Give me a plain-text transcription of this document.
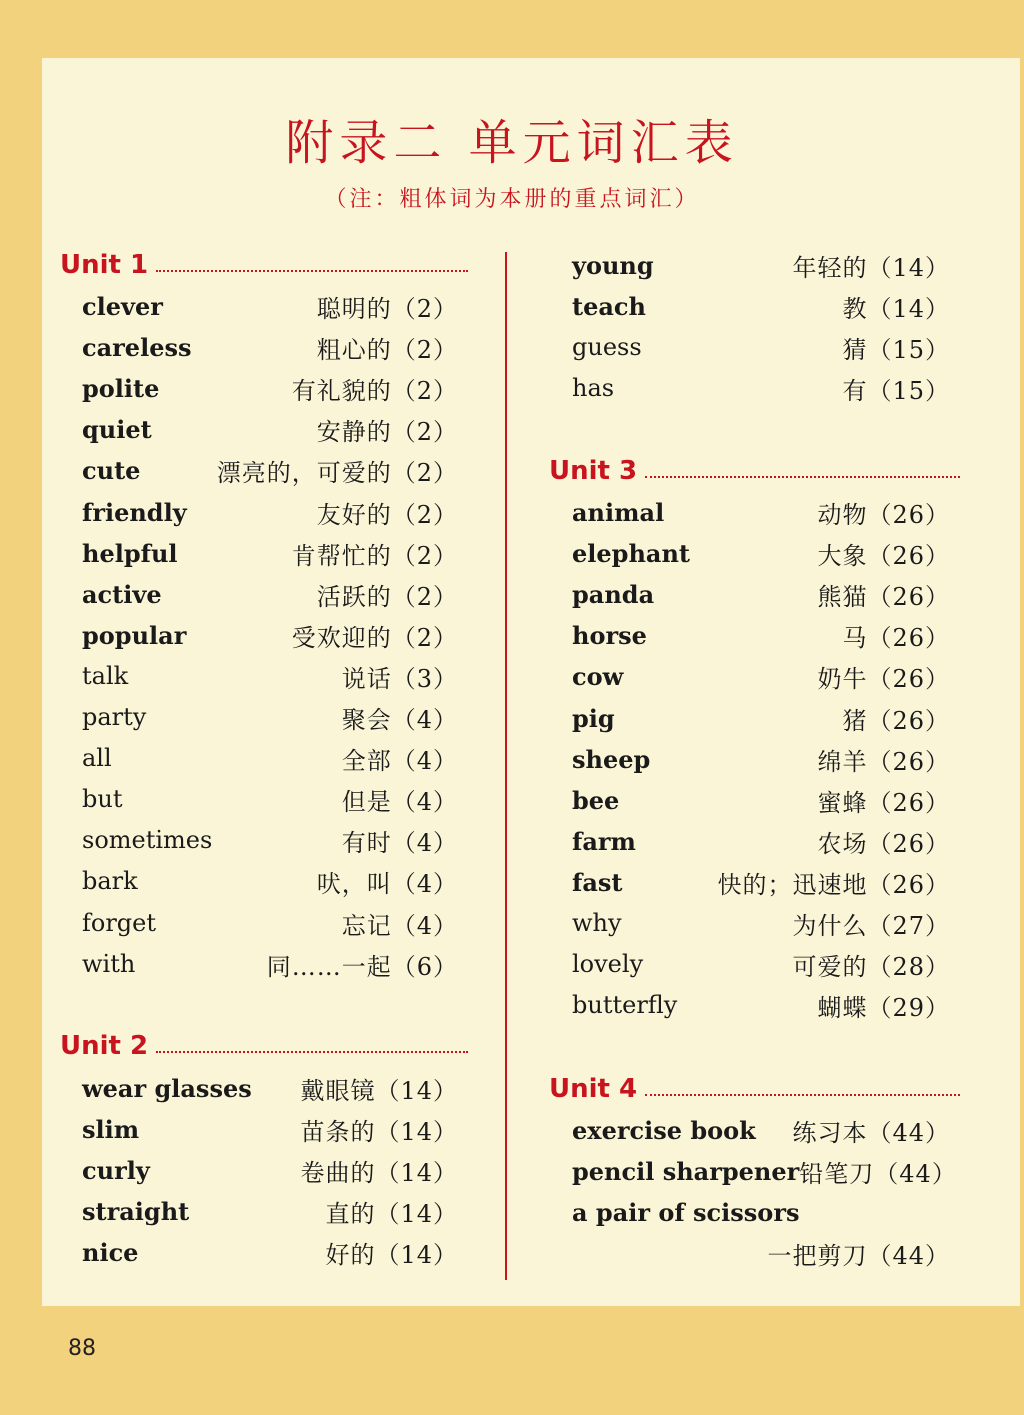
附录二 单元词汇表
（注：粗体词为本册的重点词汇）
Unit 1
clever	聪明的（2）
careless	粗心的（2）
polite	有礼貌的（2）
quiet	安静的（2）
cute	漂亮的，可爱的（2）
friendly	友好的（2）
helpful	肯帮忙的（2）
active	活跃的（2）
popular	受欢迎的（2）
talk	说话（3）
party	聚会（4）
all	全部（4）
but	但是（4）
sometimes	有时（4）
bark	吠，叫（4）
forget	忘记（4）
with	同……一起（6）
Unit 2
wear glasses 戴眼镜（14）
slim	苗条的（14）
curly	卷曲的（14）
straight	直的（14）
nice	好的（14）
young	年轻的（14）
teach	教（14）
guess	猜（15）
has	有（15）
Unit 3
animal	动物（26）
elephant	大象（26）
panda	熊猫（26）
horse	马（26）
cow	奶牛（26）
pig	猪（26）
sheep	绵羊（26）
bee	蜜蜂（26）
farm	农场（26）
fast	快的；迅速地（26）
why	为什么（27）
lovely	可爱的（28）
butterfly	蝴蝶（29）
Unit 4
exercise book 练习本（44）
pencil sharpener 铅笔刀（44）
a pair of scissors
一把剪刀（44）
88
